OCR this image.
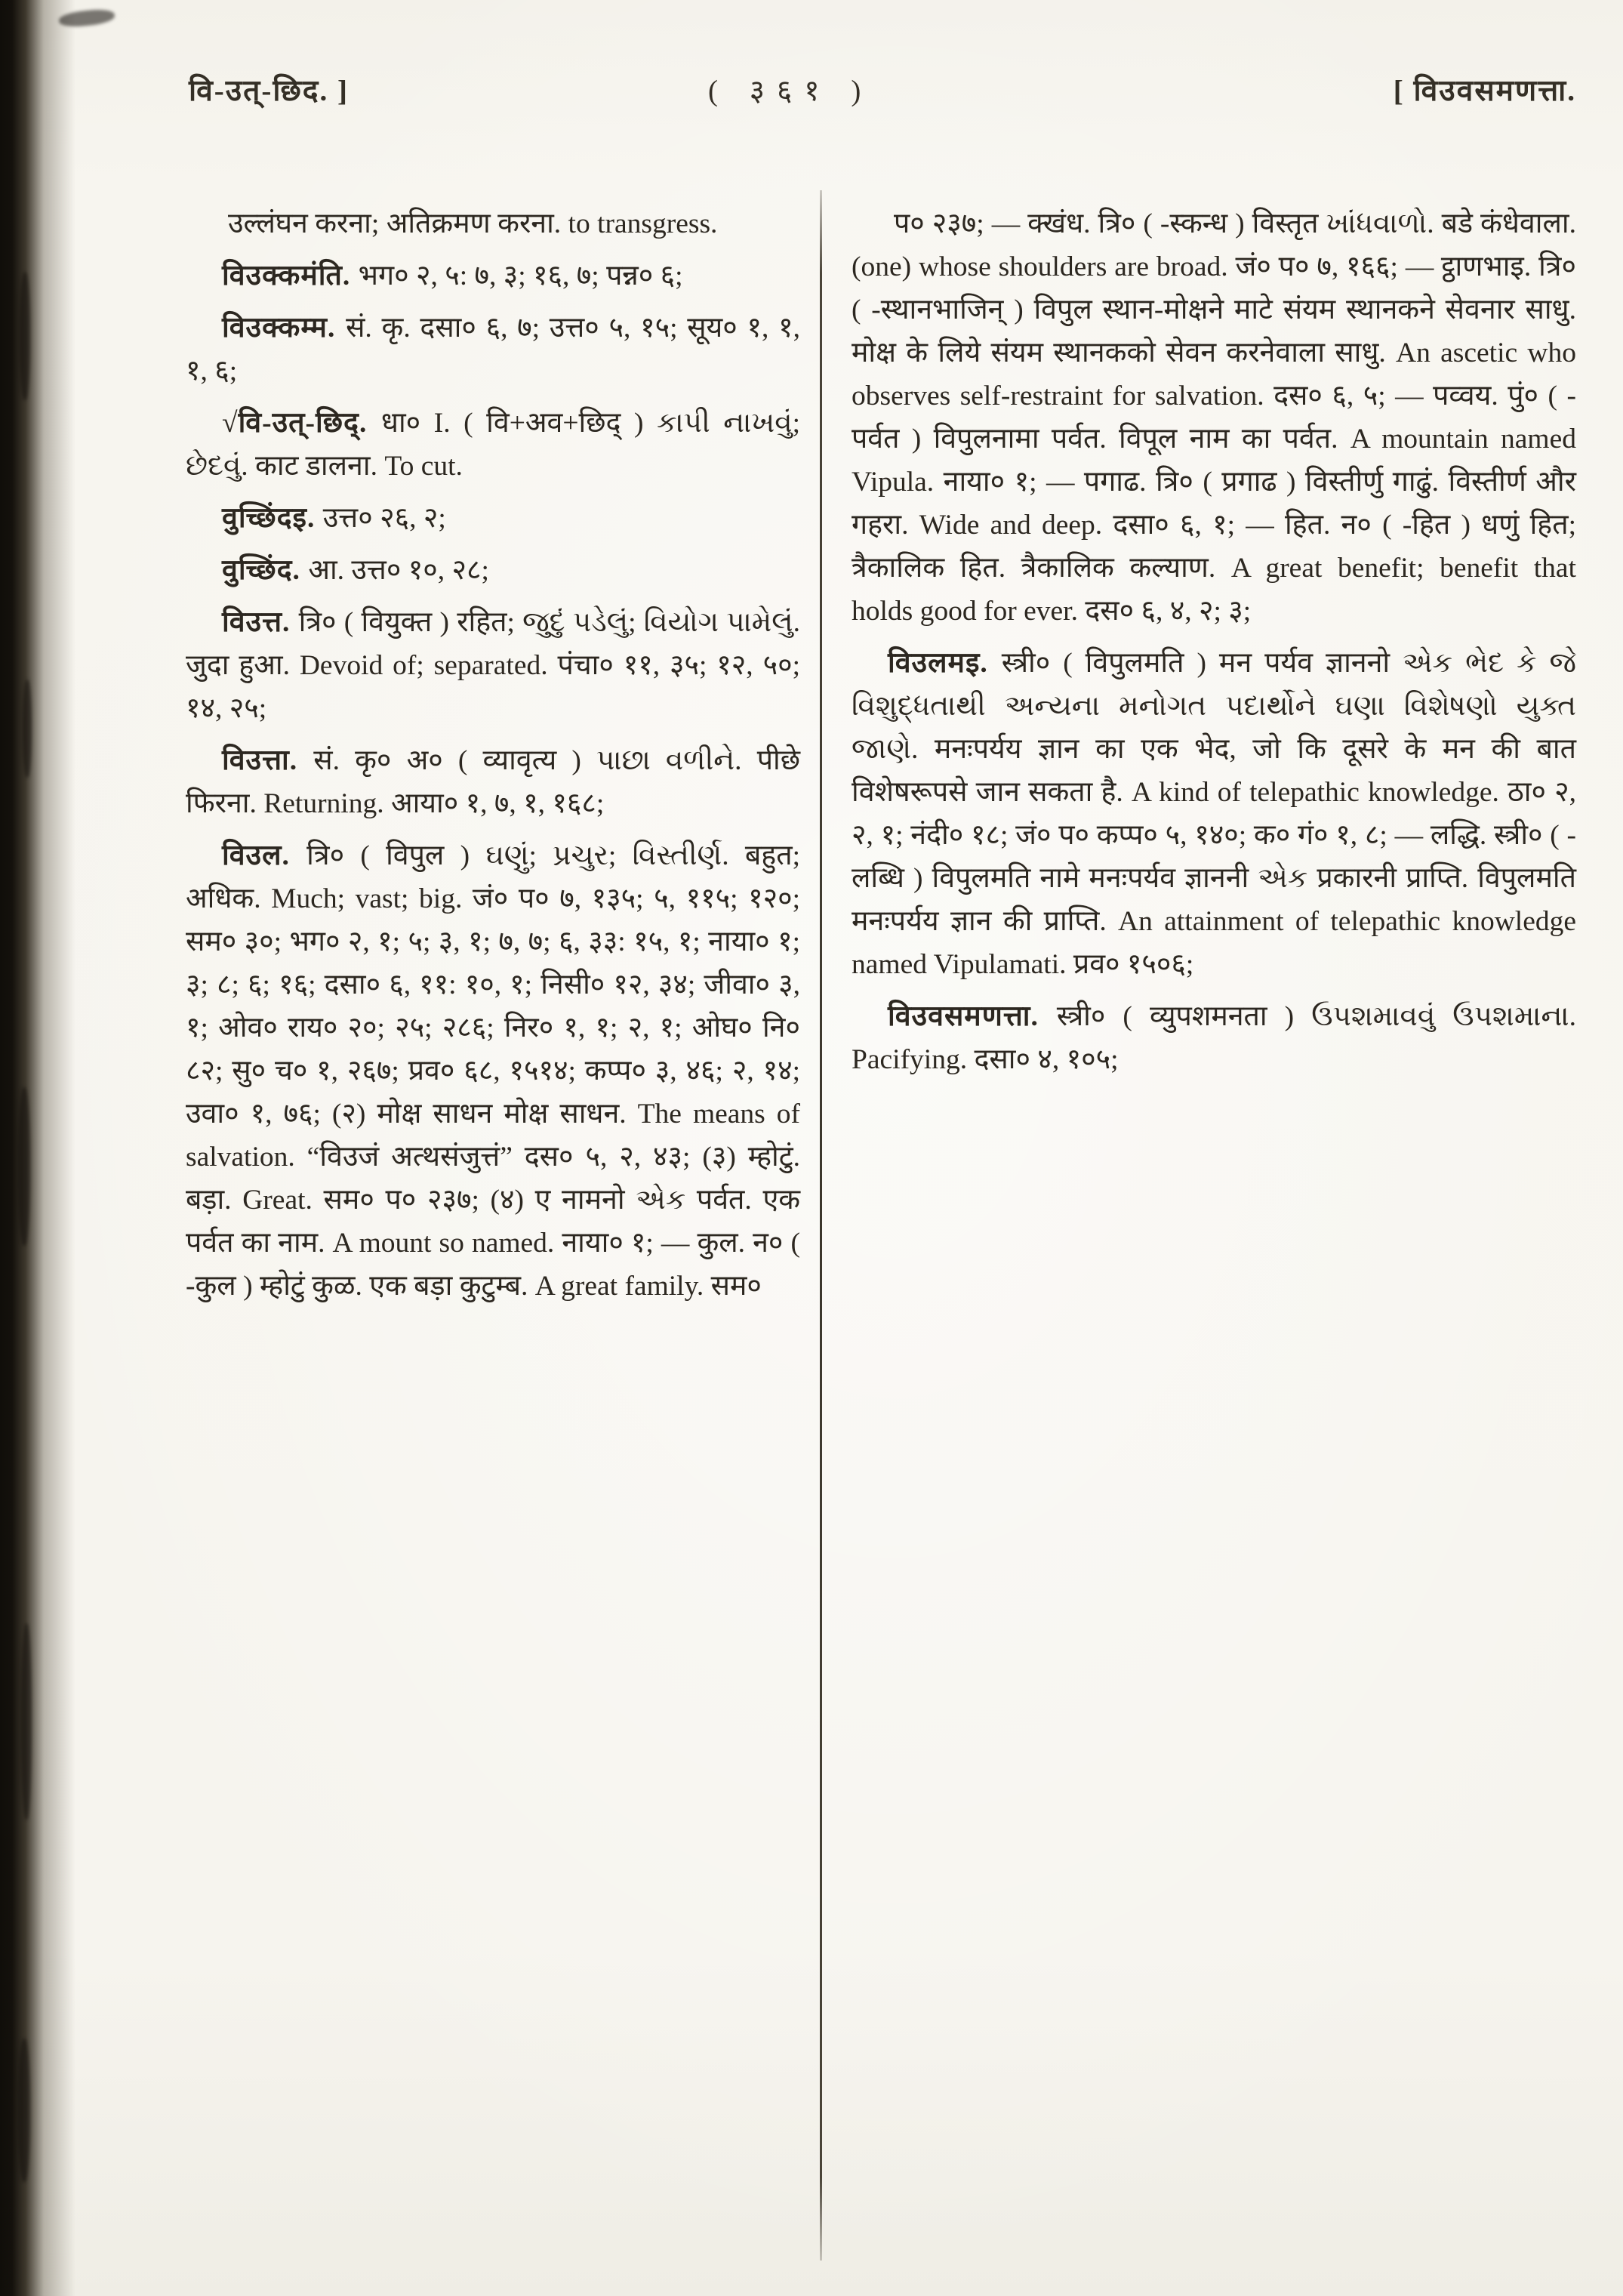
वि-उत्-छिद. ]	( ३६१ )	[ विउवसमणत्ता.

उल्लंघन करना; अतिक्रमण करना. to transgress.

विउक्कमंति. भग० २, ५: ७, ३; १६, ७; पन्न० ६;

विउक्कम्म. सं. कृ. दसा० ६, ७; उत्त० ५, १५; सूय० १, १, १, ६;

√वि-उत्-छिद्. धा० I. ( वि+अव+छिद् ) કાપી નાખવું; છેદવું. काट डालना. To cut.

वुच्छिंदइ. उत्त० २६, २;

वुच्छिंद. आ. उत्त० १०, २८;

विउत्त. त्रि० ( वियुक्त ) रहित; જુદું પડેલું; વિયોગ પામેલું. जुदा हुआ. Devoid of; separated. पंचा० ११, ३५; १२, ५०; १४, २५;

विउत्ता. सं. कृ० अ० ( व्यावृत्य ) પાછા વળીને. पीछे फिरना. Returning. आया० १, ७, १, १६८;

विउल. त्रि० ( विपुल ) ઘણું; પ્રચુર; વિસ્તીર્ણ. बहुत; अधिक. Much; vast; big. जं० प० ७, १३५; ५, ११५; १२०; सम० ३०; भग० २, १; ५; ३, १; ७, ७; ६, ३३: १५, १; नाया० १; ३; ८; ६; १६; दसा० ६, ११: १०, १; निसी० १२, ३४; जीवा० ३, १; ओव० राय० २०; २५; २८६; निर० १, १; २, १; ओघ० नि० ८२; सु० च० १, २६७; प्रव० ६८, १५१४; कप्प० ३, ४६; २, १४; उवा० १, ७६; (२) मोक्ष साधन मोक्ष साधन. The means of salvation. “विउजं अत्थसंजुत्तं” दस० ५, २, ४३; (३) म्होटुं. बड़ा. Great. सम० प० २३७; (४) ए नामनो એક पर्वत. एक पर्वत का नाम. A mount so named. नाया० १; — कुल. न० ( -कुल ) म्होटुं कुळ. एक बड़ा कुटुम्ब. A great family. सम०

प० २३७; — क्खंध. त्रि० ( -स्कन्ध ) विस्तृत ખાંધવાળો. बडे कंधेवाला. (one) whose shoulders are broad. जं० प० ७, १६६; — ट्ठाणभाइ. त्रि० ( -स्थानभाजिन् ) विपुल स्थान-मोक्षने माटे संयम स्थानकने सेवनार साधु. मोक्ष के लिये संयम स्थानकको सेवन करनेवाला साधु. An ascetic who observes self-restraint for salvation. दस० ६, ५; — पव्वय. पुं० ( -पर्वत ) विपुलनामा पर्वत. विपूल नाम का पर्वत. A mountain named Vipula. नाया० १; — पगाढ. त्रि० ( प्रगाढ ) विस्तीर्णु गाढुं. विस्तीर्ण और गहरा. Wide and deep. दसा० ६, १; — हित. न० ( -हित ) धणुं हित; त्रैकालिक हित. त्रैकालिक कल्याण. A great benefit; benefit that holds good for ever. दस० ६, ४, २; ३;

विउलमइ. स्त्री० ( विपुलमति ) मन पर्यव ज्ञाननो એક ભેદ કે જે વિશુદ્ધતાથી અન્યના મનોગત પદાર્થોને ઘણા વિશેષણો યુક્ત જાણે. मनःपर्यय ज्ञान का एक भेद, जो कि दूसरे के मन की बात विशेषरूपसे जान सकता है. A kind of telepathic knowledge. ठा० २, २, १; नंदी० १८; जं० प० कप्प० ५, १४०; क० गं० १, ८; — लद्धि. स्त्री० ( -लब्धि ) विपुलमति नामे मनःपर्यव ज्ञाननी એક प्रकारनी प्राप्ति. विपुलमति मनःपर्यय ज्ञान की प्राप्ति. An attainment of telepathic knowledge named Vipulamati. प्रव० १५०६;

विउवसमणत्ता. स्त्री० ( व्युपशमनता ) ઉપશમાવવું ઉપશમાના. Pacifying. दसा० ४, १०५;
